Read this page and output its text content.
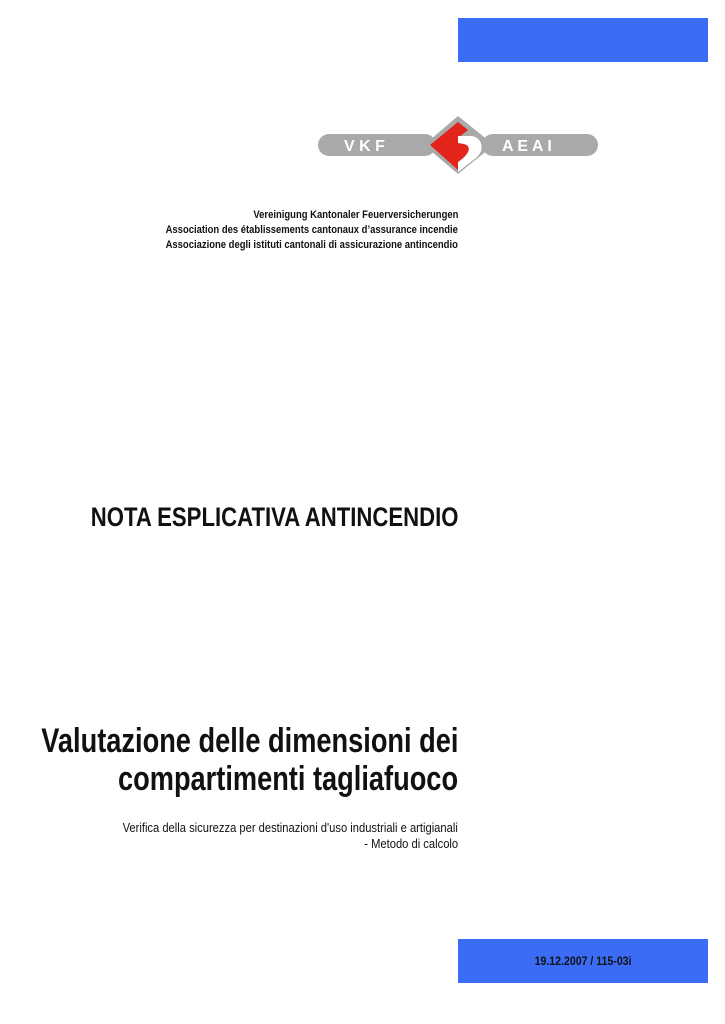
V K F	A E A I
Vereinigung Kantonaler Feuerversicherungen
Association des établissements cantonaux d’assurance incendie
Associazione degli istituti cantonali di assicurazione antincendio
NOTA ESPLICATIVA ANTINCENDIO
Valutazione delle dimensioni dei
compartimenti tagliafuoco
Verifica della sicurezza per destinazioni d'uso industriali e artigianali
- Metodo di calcolo
19.12.2007 / 115-03i
